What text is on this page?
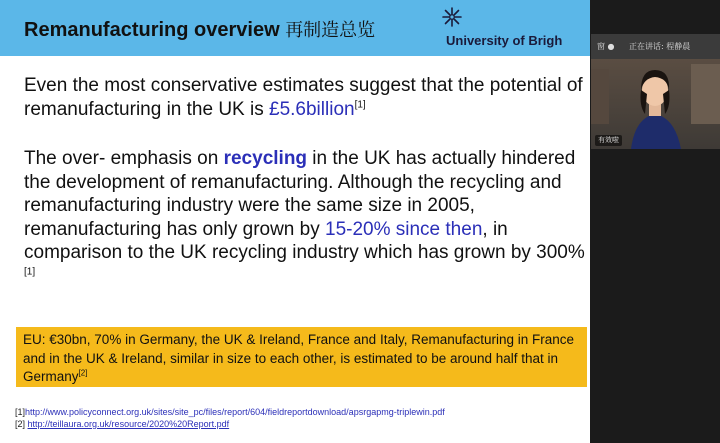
Remanufacturing overview 再制造总览	University of Brigh
Even the most conservative estimates suggest that the potential of remanufacturing in the UK is £5.6billion[1]
The over- emphasis on recycling in the UK has actually hindered the development of remanufacturing. Although the recycling and remanufacturing industry were the same size in 2005, remanufacturing has only grown by 15-20% since then, in comparison to the UK recycling industry which has grown by 300%[1]
EU: €30bn, 70% in Germany, the UK & Ireland, France and Italy, Remanufacturing in France and in the UK & Ireland, similar in size to each other, is estimated to be around half that in Germany[2]
[1]http://www.policyconnect.org.uk/sites/site_pc/files/report/604/fieldreportdownload/apsrgapmg-triplewin.pdf
[2] http://teillaura.org.uk/resource/2020%20Report.pdf
窗 ● 正在讲话: 程静晨
有效啦
